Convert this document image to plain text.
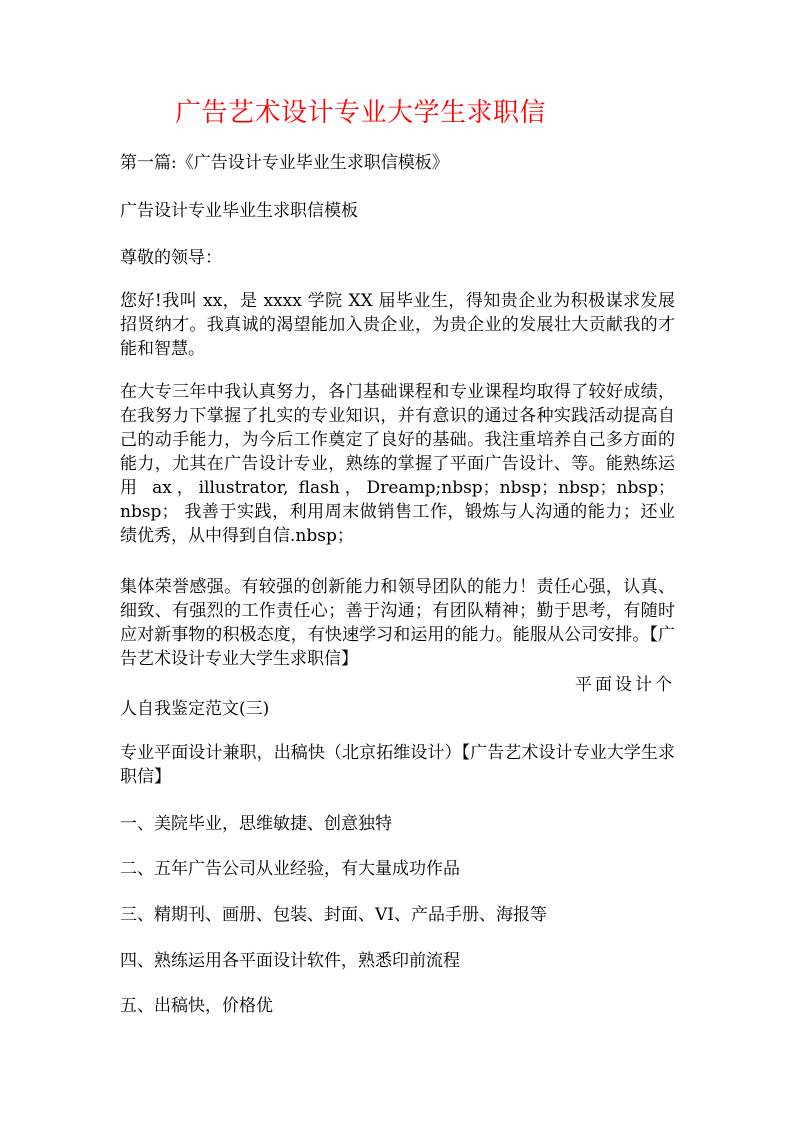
广告艺术设计专业大学生求职信

第一篇:《广告设计专业毕业生求职信模板》

广告设计专业毕业生求职信模板

尊敬的领导：

您好!我叫 xx，是 xxxx 学院 XX 届毕业生，得知贵企业为积极谋求发展招贤纳才。我真诚的渴望能加入贵企业，为贵企业的发展壮大贡献我的才能和智慧。

在大专三年中我认真努力，各门基础课程和专业课程均取得了较好成绩，在我努力下掌握了扎实的专业知识，并有意识的通过各种实践活动提高自己的动手能力，为今后工作奠定了良好的基础。我注重培养自己多方面的能力，尤其在广告设计专业，熟练的掌握了平面广告设计、等。能熟练运用 ax，illustrator, flash，Dreamp;nbsp；nbsp；nbsp；nbsp；nbsp； 我善于实践，利用周末做销售工作，锻炼与人沟通的能力；还业绩优秀，从中得到自信.nbsp；

集体荣誉感强。有较强的创新能力和领导团队的能力！责任心强，认真、细致、有强烈的工作责任心；善于沟通；有团队精神；勤于思考，有随时应对新事物的积极态度，有快速学习和运用的能力。能服从公司安排。【广告艺术设计专业大学生求职信】

平面设计个

人自我鉴定范文(三)

专业平面设计兼职，出稿快（北京拓维设计）【广告艺术设计专业大学生求职信】

一、美院毕业，思维敏捷、创意独特

二、五年广告公司从业经验，有大量成功作品

三、精期刊、画册、包装、封面、VI、产品手册、海报等

四、熟练运用各平面设计软件，熟悉印前流程

五、出稿快，价格优
